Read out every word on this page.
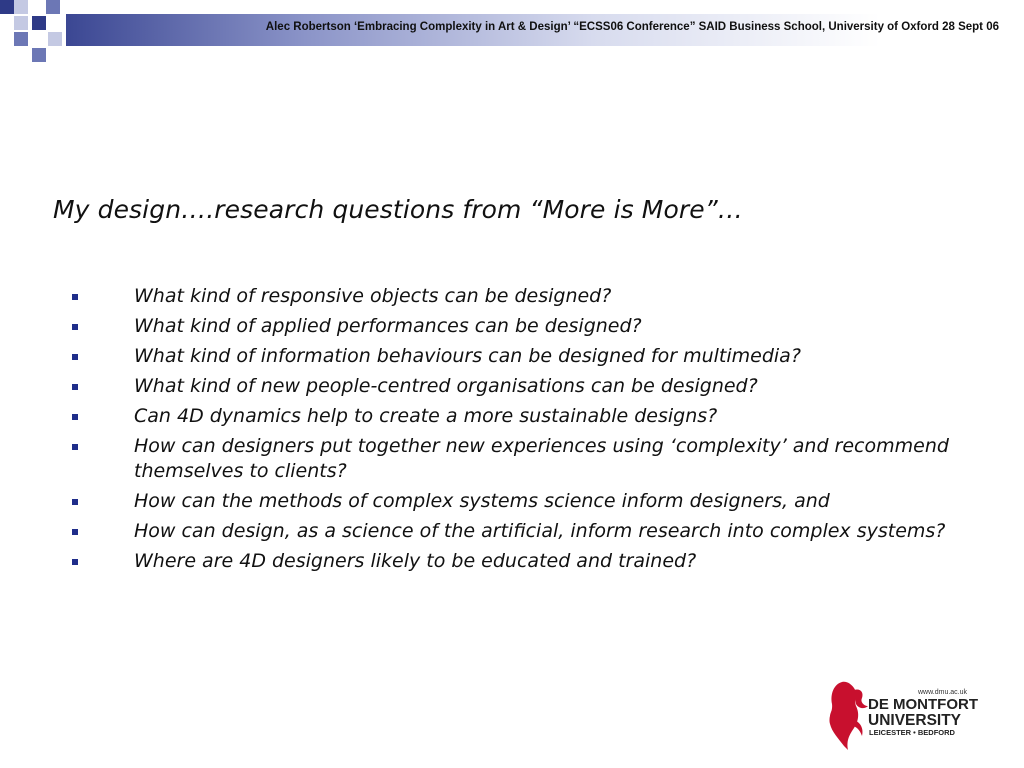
Alec Robertson ‘Embracing Complexity in Art & Design’ “ECSS06 Conference” SAID Business School, University of Oxford 28 Sept 06
My design….research questions from “More is More”…
What kind of responsive objects can be designed?
What kind of applied performances can be designed?
What kind of information behaviours can be designed for multimedia?
What kind of new people-centred organisations can be designed?
Can 4D dynamics help to create a more sustainable designs?
How can designers put together new experiences using ‘complexity’ and recommend themselves to clients?
How can the methods of complex systems science inform designers, and
How can design, as a science of the artificial, inform research into complex systems?
Where are 4D designers likely to be educated and trained?
www.dmu.ac.uk
DE MONTFORT
UNIVERSITY
LEICESTER • BEDFORD
